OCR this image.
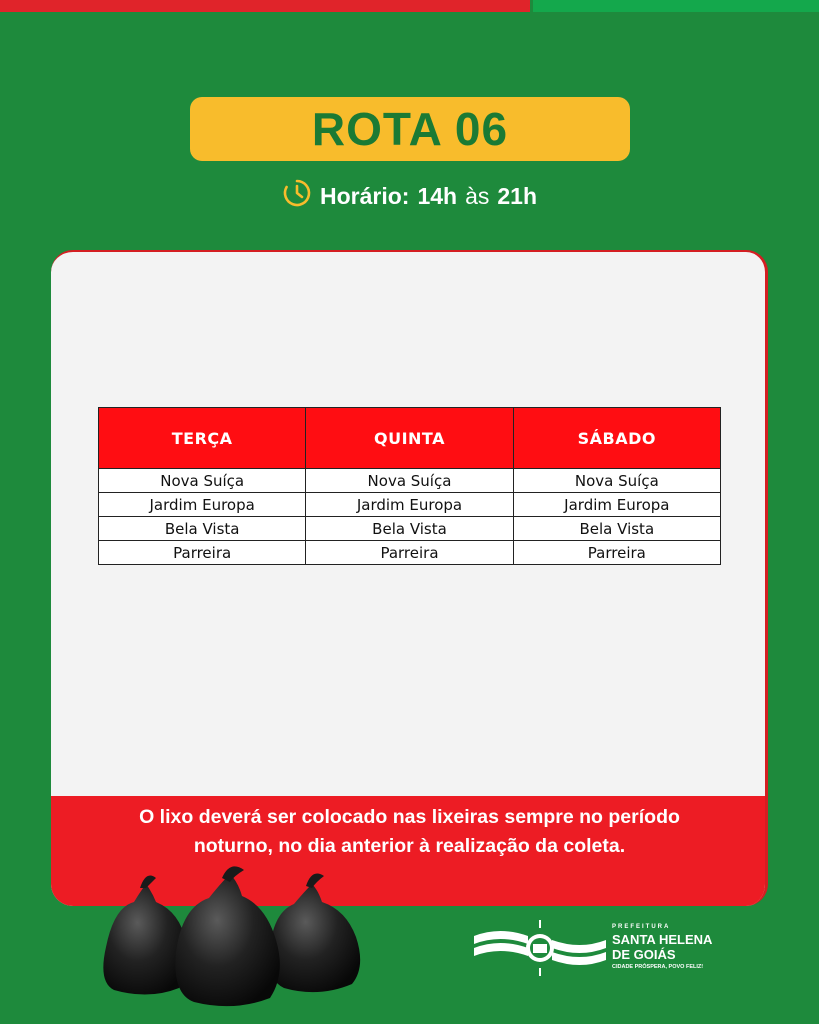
ROTA 06
Horário: 14h às 21h
TERÇA	QUINTA	SÁBADO
Nova Suíça	Nova Suíça	Nova Suíça
Jardim Europa	Jardim Europa	Jardim Europa
Bela Vista	Bela Vista	Bela Vista
Parreira	Parreira	Parreira

O lixo deverá ser colocado nas lixeiras sempre no período
noturno, no dia anterior à realização da coleta.

PREFEITURA
SANTA HELENA
DE GOIÁS
CIDADE PRÓSPERA, POVO FELIZ!
